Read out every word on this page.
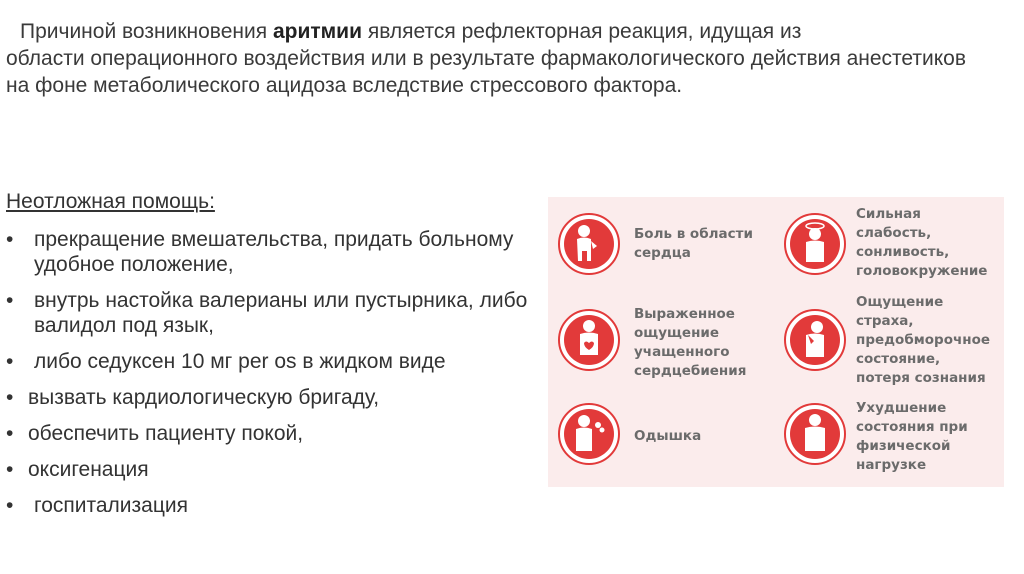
Причиной возникновения аритмии является рефлекторная реакция, идущая из
области операционного воздействия или в результате фармакологического действия анестетиков на фоне метаболического ацидоза вследствие стрессового фактора.
Неотложная помощь:
• прекращение вмешательства, придать больному удобное положение,
• внутрь настойка валерианы или пустырника, либо валидол под язык,
• либо седуксен 10 мг per os в жидком виде
• вызвать кардиологическую бригаду,
• обеспечить пациенту покой,
• оксигенация
• госпитализация
Боль в области
сердца
Выраженное
ощущение
учащенного
сердцебиения
Одышка
Сильная
слабость,
сонливость,
головокружение
Ощущение
страха,
предобморочное
состояние,
потеря сознания
Ухудшение
состояния при
физической
нагрузке
